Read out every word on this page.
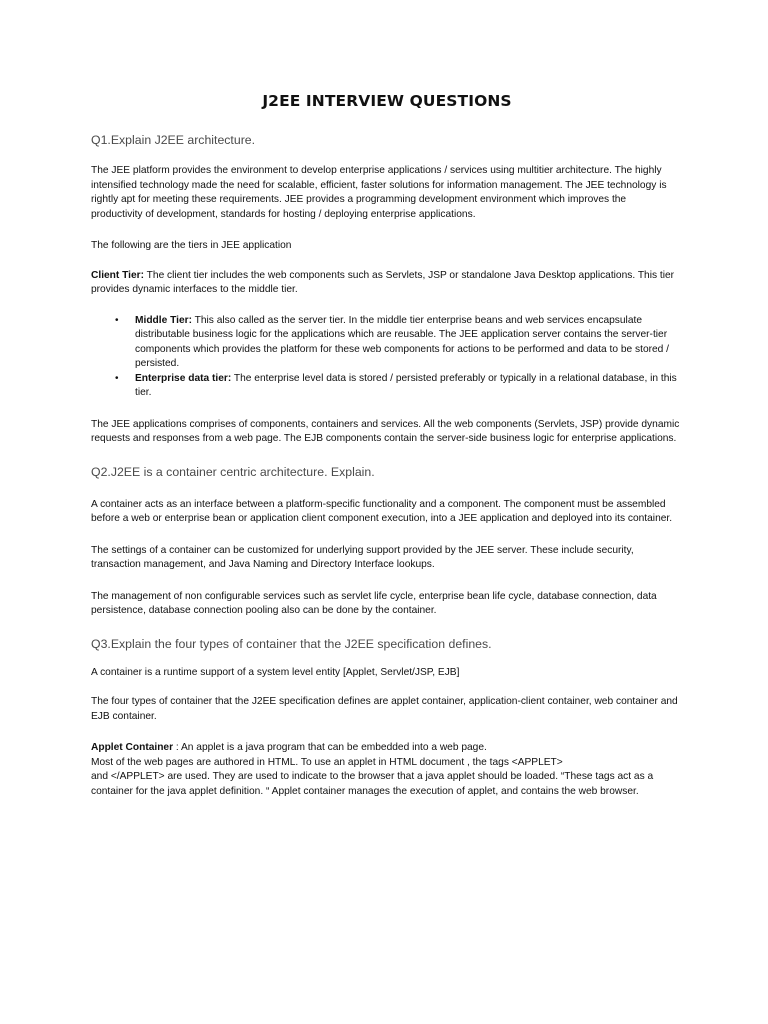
J2EE INTERVIEW QUESTIONS

Q1.Explain J2EE architecture.

The JEE platform provides the environment to develop enterprise applications / services using multitier architecture. The highly intensified technology made the need for scalable, efficient, faster solutions for information management. The JEE technology is rightly apt for meeting these requirements. JEE provides a programming development environment which improves the productivity of development, standards for hosting / deploying enterprise applications.

The following are the tiers in JEE application

Client Tier: The client tier includes the web components such as Servlets, JSP or standalone Java Desktop applications. This tier provides dynamic interfaces to the middle tier.

• Middle Tier: This also called as the server tier. In the middle tier enterprise beans and web services encapsulate distributable business logic for the applications which are reusable. The JEE application server contains the server-tier components which provides the platform for these web components for actions to be performed and data to be stored / persisted.
• Enterprise data tier: The enterprise level data is stored / persisted preferably or typically in a relational database, in this tier.

The JEE applications comprises of components, containers and services. All the web components (Servlets, JSP) provide dynamic requests and responses from a web page. The EJB components contain the server-side business logic for enterprise applications.

Q2.J2EE is a container centric architecture. Explain.

A container acts as an interface between a platform-specific functionality and a component. The component must be assembled before a web or enterprise bean or application client component execution, into a JEE application and deployed into its container.

The settings of a container can be customized for underlying support provided by the JEE server. These include security, transaction management, and Java Naming and Directory Interface lookups.

The management of non configurable services such as servlet life cycle, enterprise bean life cycle, database connection, data persistence, database connection pooling also can be done by the container.

Q3.Explain the four types of container that the J2EE specification defines.

A container is a runtime support of a system level entity [Applet, Servlet/JSP, EJB]

The four types of container that the J2EE specification defines are applet container, application-client container, web container and EJB container.

Applet Container : An applet is a java program that can be embedded into a web page.
Most of the web pages are authored in HTML. To use an applet in HTML document , the tags <APPLET>
and </APPLET> are used. They are used to indicate to the browser that a java applet should be loaded. “These tags act as a container for the java applet definition. “ Applet container manages the execution of applet, and contains the web browser.
